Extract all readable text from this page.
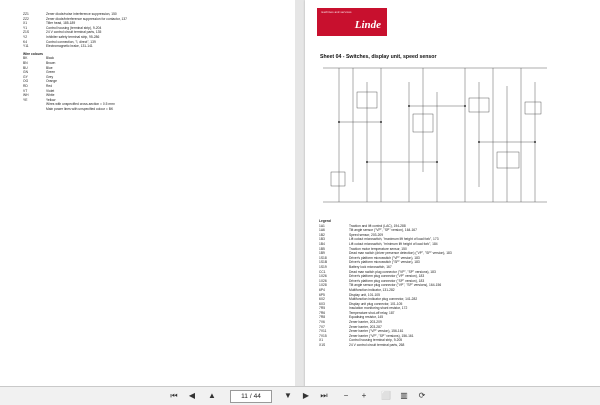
ZZ1	Zener diode/noise interference suppression, 150
ZZ2	Zener diode/interference suppression for contactor, 137
X1	Tiller head, 185-189
Y1	Control housing (terminal strip), 9-204
Z1S	24 V control circuit terminal parts, 135
Y2	Inhibiter safety terminal strip, 95-286
K4	Control connection, "I, direct", 139
Y11	Electromagnetic brake, 131-141
Wire colours
BK	Black
BN	Brown
BU	Blue
GN	Green
GY	Grey
OG	Orange
RD	Red
VT	Violet
WH	White
YE	Yellow
Wires with unspecified cross-section = 0.5 mm²
Main power lines with unspecified colour = BK
machines and services
Linde
Sheet 04 - Switches, display unit, speed sensor
Legend
1A1	Traction and lift control (LAC), 194-288
1A6	Tilt angle sensor ("VP", "SP" version), 164-167
1B2	Speed sensor, 203-209
1B3	Lift cutout microswitch, "maximum lift height of load fork", 173
1B4	Lift cutout microswitch, "minimum lift height of load fork", 184
1B5	Traction motor temperature sensor, 150
1B9	Dead man switch (driver presence detection) ("VP", "SP" version), 183
1S18	Driver's platform microswitch ("VP" version), 183
1S1B	Driver's platform microswitch ("SP" version), 183
1S19	Battery lock microswitch, 167
CC1	Dead man switch plug connector ("VP", "SP" versions), 183
1X26	Driver's platform plug connector ("VP" version), 183
1X26	Driver's platform plug connector ("SP" version), 183
1X28	Tilt angle sensor plug connector ("VP", "SP" versions), 164-156
6P4	Multifunction indicator, 131-282
6P5	Display unit, 101-105
6X2	Multifunction indicator plug connector, 141-282
6X3	Display unit plug connector, 101-105
7R5	Insulation monitoring shunt resistor, 172
7R6	Temperature shut-off relay, 187
7R8	Equalising resistor, 145
7V6	Zener barrier, 203-209
7V7	Zener barrier, 203-287
7V11	Zener barrier ("VP" version), 156-161
7V15	Zener barrier ("VP", "SP" versions), 156-161
X1	Control housing terminal strip, 9-205
X1S	24 V control circuit terminal parts, 268
⏮	◀	▲	11 / 44	▼	▶	⏭	−	+	⬜ ▥	⟳
